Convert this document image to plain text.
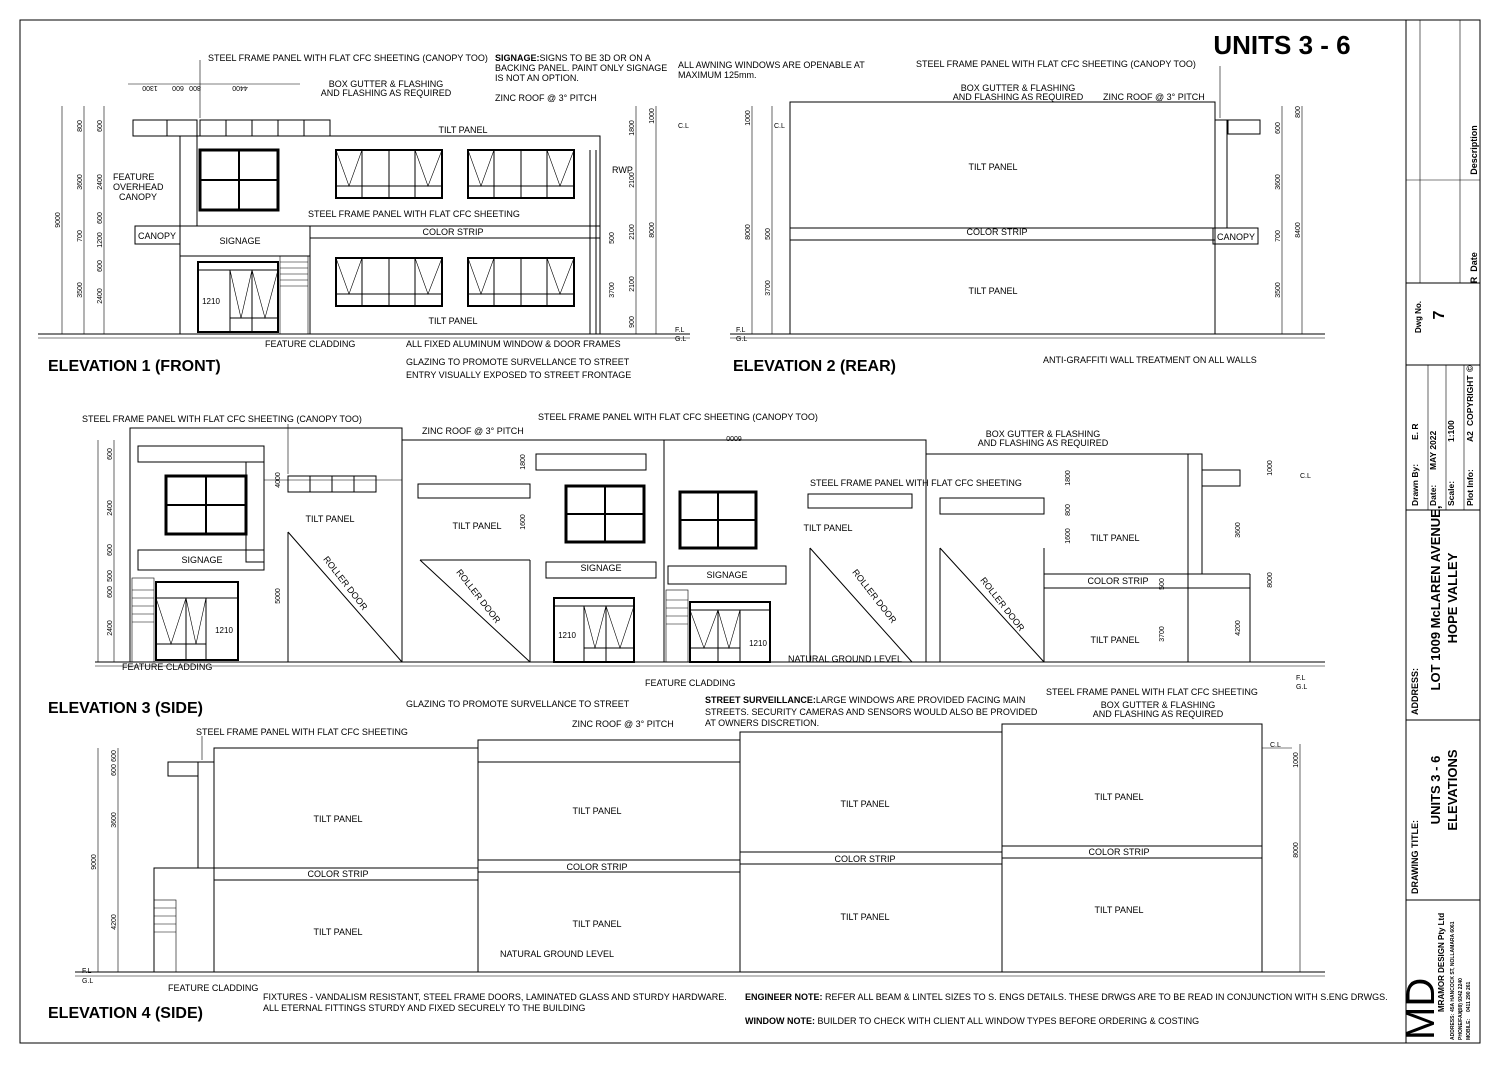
UNITS 3 - 6
CANOPY	SIGNAGE
TILT PANEL
COLOR STRIP
TILT PANEL
1210
RWP
9000
3600
700
3500
2400
1200
2400
800 600
600
600
1800
2100
2100
2100
900
1000
8000
500
3700
C.L
F.L
G.L
1300	4400
800
600
STEEL FRAME PANEL WITH FLAT CFC SHEETING (CANOPY TOO)
BOX GUTTER & FLASHING
AND FLASHING AS REQUIRED
SIGNAGE:SIGNS TO BE 3D OR ON A
BACKING PANEL. PAINT ONLY SIGNAGE
IS NOT AN OPTION.
ZINC ROOF @ 3° PITCH
ALL AWNING WINDOWS ARE OPENABLE AT
MAXIMUM 125mm.
FEATURE
OVERHEAD
CANOPY
STEEL FRAME PANEL WITH FLAT CFC SHEETING
FEATURE CLADDING	ALL FIXED ALUMINUM WINDOW & DOOR FRAMES
GLAZING TO PROMOTE SURVELLANCE TO STREET
ENTRY VISUALLY EXPOSED TO STREET FRONTAGE
ELEVATION 1 (FRONT)
CANOPY
TILT PANEL
COLOR STRIP
TILT PANEL
1000
8000 500
3700
600
3600
700
3500
800
8400
C.L
F.L
G.L
STEEL FRAME PANEL WITH FLAT CFC SHEETING (CANOPY TOO)
BOX GUTTER & FLASHING
AND FLASHING AS REQUIRED ZINC ROOF @ 3° PITCH
ANTI-GRAFFITI WALL TREATMENT ON ALL WALLS
ELEVATION 2 (REAR)
TILT PANEL
ROLLER DOOR
SIGNAGE
1210
ROLLER DOOR
TILT PANEL
SIGNAGE
1210
ROLLER DOOR
TILT PANEL
SIGNAGE
1210
NATURAL GROUND LEVEL
ROLLER DOOR	COLOR STRIP
TILT PANEL
TILT PANEL
2400
2400
600
600
500
600
4000
5000
1800
1600
1800
800
1600
500
3700
3600
4200
8000
1000
6000
C.L
F.L
G.L
STEEL FRAME PANEL WITH FLAT CFC SHEETING (CANOPY TOO)
ZINC ROOF @ 3° PITCH
STEEL FRAME PANEL WITH FLAT CFC SHEETING (CANOPY TOO)
BOX GUTTER & FLASHING
AND FLASHING AS REQUIRED
STEEL FRAME PANEL WITH FLAT CFC SHEETING
FEATURE CLADDING
FEATURE CLADDING
GLAZING TO PROMOTE SURVELLANCE TO STREET
STEEL FRAME PANEL WITH FLAT CFC SHEETING
BOX GUTTER & FLASHING
AND FLASHING AS REQUIRED
STREET SURVEILLANCE:LARGE WINDOWS ARE PROVIDED FACING MAIN
STREETS. SECURITY CAMERAS AND SENSORS WOULD ALSO BE PROVIDED
AT OWNERS DISCRETION.
ELEVATION 3 (SIDE)
TILT PANEL
COLOR STRIP
TILT PANEL
TILT PANEL
COLOR STRIP
TILT PANEL
NATURAL GROUND LEVEL
TILT PANEL
COLOR STRIP
TILT PANEL
TILT PANEL
COLOR STRIP
TILT PANEL
9000
600
600
3600
4200
1000
8000
C.L
F.L
G.L
STEEL FRAME PANEL WITH FLAT CFC SHEETING
ZINC ROOF @ 3° PITCH
FEATURE CLADDING
FIXTURES - VANDALISM RESISTANT, STEEL FRAME DOORS, LAMINATED GLASS AND STURDY HARDWARE.
ALL ETERNAL FITTINGS STURDY AND FIXED SECURELY TO THE BUILDING
ENGINEER NOTE: REFER ALL BEAM & LINTEL SIZES TO S. ENGS DETAILS. THESE DRWGS ARE TO BE READ IN CONJUNCTION WITH S.ENG DRWGS.
WINDOW NOTE: BUILDER TO CHECK WITH CLIENT ALL WINDOW TYPES BEFORE ORDERING & COSTING
ELEVATION 4 (SIDE)
Description
Date
R
Dwg No. 7
Drawn By:
E. R
Date:
MAY 2022
Scale:
1:100
Plot Info:
A2
COPYRIGHT
©
ADDRESS:
LOT 1009 McLAREN AVENUE, HOPE VALLEY
DRAWING TITLE:
UNITS 3 - 6 ELEVATIONS
MD
MRAMOR DESIGN Pty Ltd
ADDRESS:
45A HANCOCK ST, NOLLAMARA 6061
PHONE/FAX:
(08) 9342 2240
MOBILE:
0411 290 261
